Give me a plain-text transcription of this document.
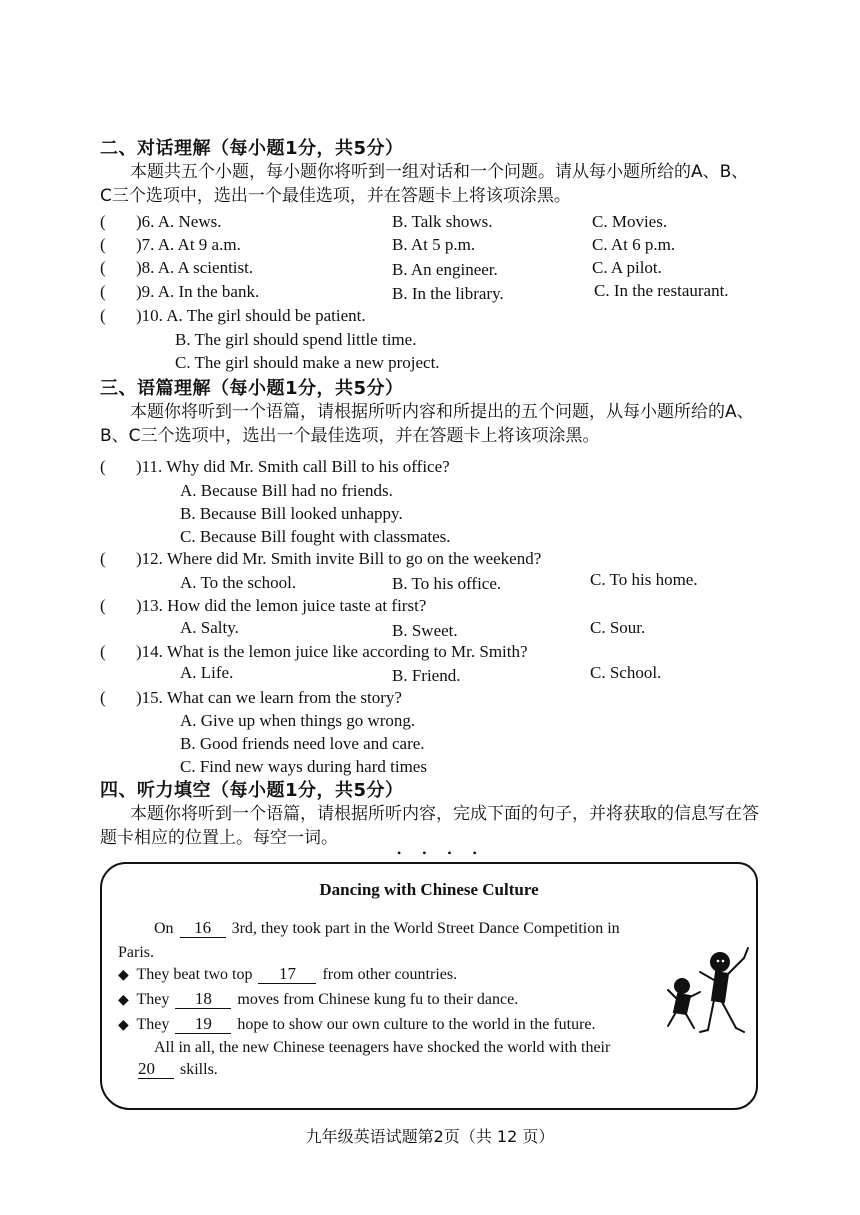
二、对话理解（每小题1分，共5分）
本题共五个小题，每小题你将听到一组对话和一个问题。请从每小题所给的A、B、C三个选项中，选出一个最佳选项，并在答题卡上将该项涂黑。
( )6. A. News.	B. Talk shows.	C. Movies.
( )7. A. At 9 a.m.	B. At 5 p.m.	C. At 6 p.m.
( )8. A. A scientist.	B. An engineer.	C. A pilot.
( )9. A. In the bank.	B. In the library.	C. In the restaurant.
( )10. A. The girl should be patient.
B. The girl should spend little time.
C. The girl should make a new project.
三、语篇理解（每小题1分，共5分）
本题你将听到一个语篇，请根据所听内容和所提出的五个问题，从每小题所给的A、B、C三个选项中，选出一个最佳选项，并在答题卡上将该项涂黑。
( )11. Why did Mr. Smith call Bill to his office?
A. Because Bill had no friends.
B. Because Bill looked unhappy.
C. Because Bill fought with classmates.
( )12. Where did Mr. Smith invite Bill to go on the weekend?
A. To the school.	B. To his office.	C. To his home.
( )13. How did the lemon juice taste at first?
A. Salty.	B. Sweet.	C. Sour.
( )14. What is the lemon juice like according to Mr. Smith?
A. Life.	B. Friend.	C. School.
( )15. What can we learn from the story?
A. Give up when things go wrong.
B. Good friends need love and care.
C. Find new ways during hard times
四、听力填空（每小题1分，共5分）
本题你将听到一个语篇，请根据所听内容，完成下面的句子，并将获取的信息写在答题卡相应的位置上。每空一词。
• • • •
Dancing with Chinese Culture
On 16 3rd, they took part in the World Street Dance Competition in
Paris.
◆ They beat two top 17 from other countries.
◆ They 18 moves from Chinese kung fu to their dance.
◆ They 19 hope to show our own culture to the world in the future.
All in all, the new Chinese teenagers have shocked the world with their
20 skills.
九年级英语试题第2页（共 12 页）
